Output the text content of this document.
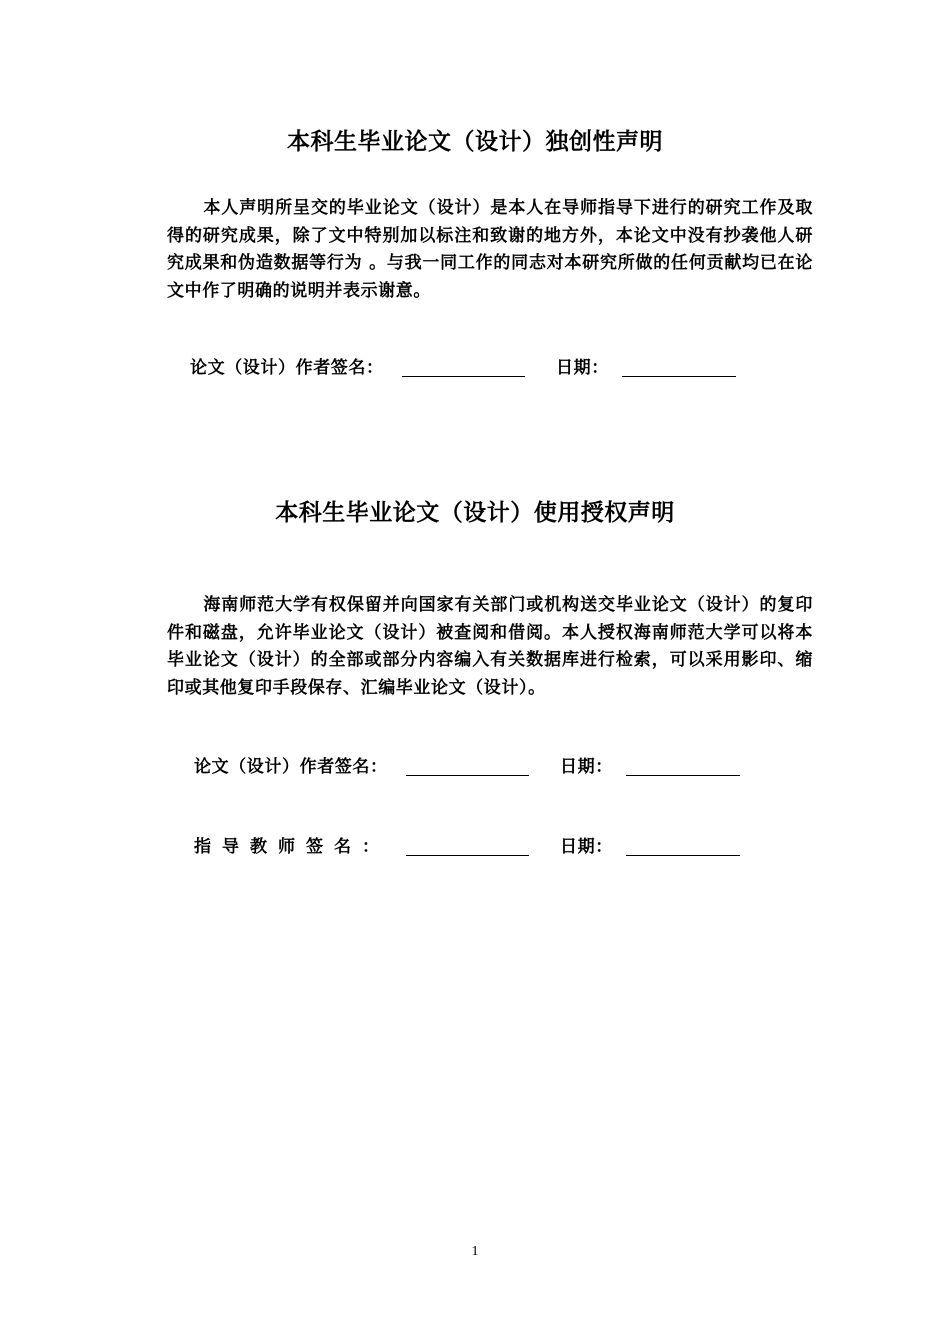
本科生毕业论文（设计）独创性声明

本人声明所呈交的毕业论文（设计）是本人在导师指导下进行的研究工作及取得的研究成果，除了文中特别加以标注和致谢的地方外，本论文中没有抄袭他人研究成果和伪造数据等行为 。与我一同工作的同志对本研究所做的任何贡献均已在论文中作了明确的说明并表示谢意。

论文（设计）作者签名：	日期：
本科生毕业论文（设计）使用授权声明

海南师范大学有权保留并向国家有关部门或机构送交毕业论文（设计）的复印件和磁盘，允许毕业论文（设计）被查阅和借阅。本人授权海南师范大学可以将本毕业论文（设计）的全部或部分内容编入有关数据库进行检索，可以采用影印、缩印或其他复印手段保存、汇编毕业论文（设计）。

论文（设计）作者签名：	日期：
指导教师签名：	日期：
1
